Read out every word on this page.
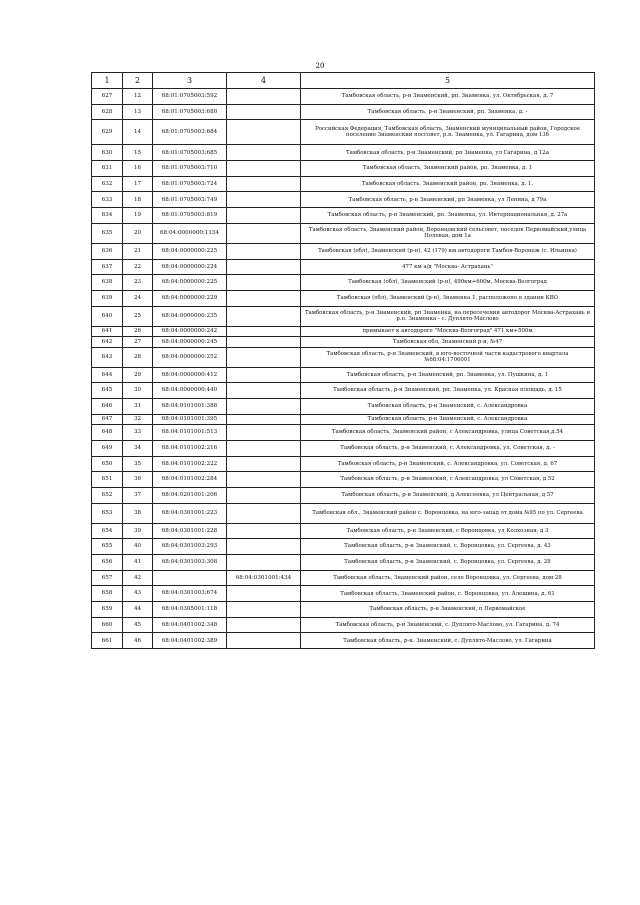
20
1	2	3	4	5
627	12	68:01:0705003:592		Тамбовская область, р-н Знаменский, рп. Знаменка, ул. Октябрьская, д. 7
628	13	68:01:0705003:680		Тамбовская область, р-н Знаменский, рп. Знаменка, д. -
629	14	68:01:0705003:684		Российская Федерация, Тамбовская область, Знаменский муниципальный район, Городское поселение Знаменский поссовет, р.п. Знаменка, ул. Гагарина, дом 13б
630	15	68:01:0705003:685		Тамбовская область, р-н Знаменский, рп Знаменка, ул Гагарина, д 12а
631	16	68:01:0705003:710		Тамбовская область, Знаменский район, рп. Знаменка, д. 1
632	17	68:01:0705003:724		Тамбовская область. Знаменский район, рп. Знаменка, д. 1.
633	18	68:01:0705003:749		Тамбовская область, р-н Знаменский, рп Знаменка, ул Ленина, д 79а
634	19	68:01:0705003:819		Тамбовская область, р-н Знаменский, рп. Знаменка, ул. Интернациональная, д. 27а
635	20	68:04:0000000:1134		Тамбовская область, Знаменский район, Воронцовский сельсовет, поселок Первомайский,улица Полевая, дом 1а
636	21	68:04:0000000:225		Тамбовская (обл), Знаменский (р-н), 42 (179) км автодороги Тамбов-Воронеж (с. Ильинка)
637	22	68:04:0000000:224		477 км а/д "Москва- Астрахань"
638	23	68:04:0000000:225		Тамбовская (обл), Знаменский (р-н), 490км+600м, Москва-Волгоград
639	24	68:04:0000000:229		Тамбовская (обл), Знаменский (р-н), Знаменка 1, расположено в здании КВО
640	25	68:04:0000000:235		Тамбовская область, р-н Знаменский, рп Знаменка, на пересечении автодорог Москва-Астрахань и р.п. Знаменка - с. Дуплято-Маслово
641	26	68:04:0000000:242		примыкает к автодороге "Москва-Волгоград" 471 км+500м
642	27	68:04:0000000:245		Тамбовская обл, Знаменский р-н, №47
643	28	68:04:0000000:252		Тамбовская область, р-н Знаменский, в юго-восточной части кадастрового квартала №68:04:1706001
644	29	68:04:0000000:412		Тамбовская область, р-н Знаменский, рп. Знаменка, ул. Пушкина, д. 1
645	30	68:04:0000000:440		Тамбовская область, р-н Знаменский, рп. Знаменка, ул. Красная площадь, д. 15
646	31	68:04:0101001:388		Тамбовская область, р-н Знаменский, с. Александровка
647	32	68:04:0101001:395		Тамбовская область, р-н Знаменский, с. Александровка
648	33	68:04:0101001:513		Тамбовская область, Знаменский район, с Александровка, улица Советская,д.54
649	34	68:04:0101002:216		Тамбовская область, р-н Знаменский, с. Александровка, ул. Советская, д. -
650	35	68:04:0101002:222		Тамбовская область, р-н Знаменский, с. Александровка, ул. Советская, д. 67
651	36	68:04:0101002:284		Тамбовская область, р-н Знаменский, с Александровка, ул Советская, д 52
652	37	68:04:0201001:206		Тамбовская область, р-н Знаменский, д Алексеевка, ул Центральная, д 57
653	38	68:04:0301001:223		Тамбовская обл., Знаменский район с. Воронцовка, на юго-запад от дома №95 по ул. Сергеева
654	39	68:04:0301001:228		Тамбовская область, р-н Знаменский, с Воронцовка, ул Колхозная, д 3
655	40	68:04:0301003:293		Тамбовская область, р-н Знаменский, с. Воронцовка, ул. Сергеева, д. 43
656	41	68:04:0301003:308		Тамбовская область, р-н Знаменский, с. Воронцовка, ул. Сергеева, д. 28
657	42		68:04:0301001:434	Тамбовская область, Знаменский район, село Воронцовка, ул. Сергеева, дом 28
658	43	68:04:0301003:674		Тамбовская область, Знаменский район, с. Воронцовка, ул. Алешина, д. 61
659	44	68:04:0305001:118		Тамбовская область, р-н Знаменский, п Первомайское
660	45	68:04:0401002:348		Тамбовская область, р-н Знаменский, с. Дуплято-Маслово, ул. Гагарина, д. 74
661	46	68:04:0401002:389		Тамбовская область, р-н. Знаменский, с. Дуплято-Маслово, ул. Гагарина
